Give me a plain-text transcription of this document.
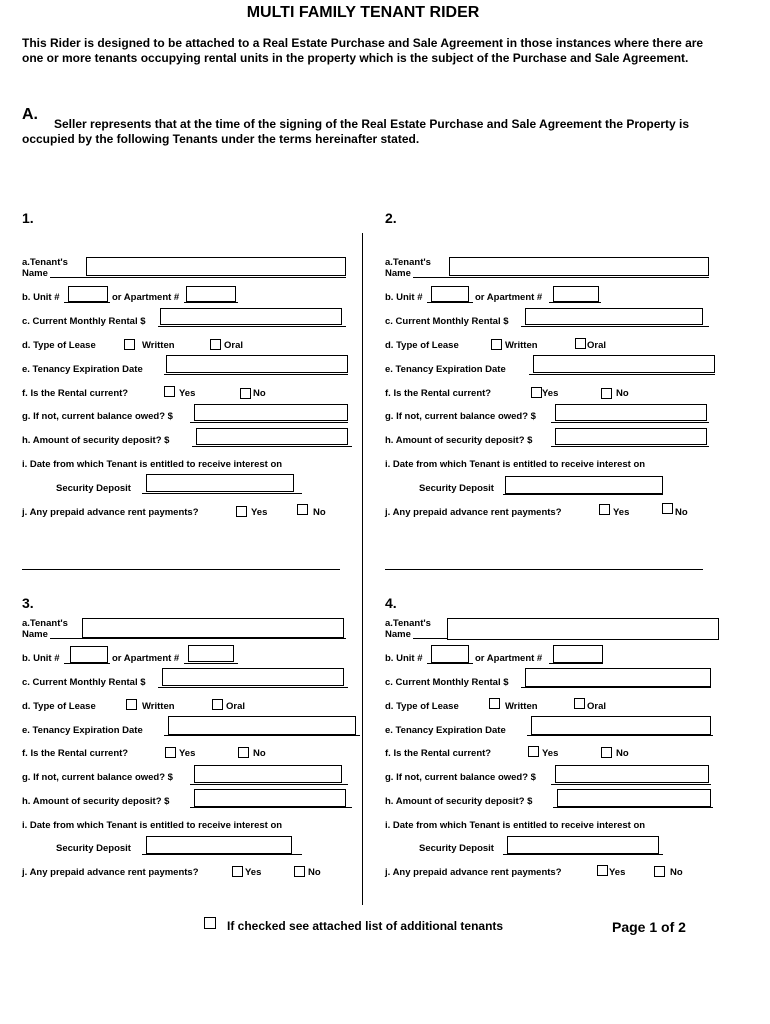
MULTI FAMILY TENANT RIDER
This Rider is designed to be attached to a Real Estate Purchase and Sale Agreement in those instances where there are one or more tenants occupying rental units in the property which is the subject of the Purchase and Sale Agreement.
A.
Seller represents that at the time of the signing of the Real Estate Purchase and Sale Agreement the Property is occupied by the following Tenants under the terms hereinafter stated.
1.
a.Tenant's
Name
b. Unit #	or Apartment #
c. Current Monthly Rental $
d. Type of Lease	Written	Oral
e. Tenancy Expiration Date
f. Is the Rental current?	Yes	No
g. If not, current balance owed? $
h. Amount of security deposit? $
i. Date from which Tenant is entitled to receive interest on
Security Deposit
j. Any prepaid advance rent payments?	Yes	No
2.
a.Tenant's
Name
b. Unit #	or Apartment #
c. Current Monthly Rental $
d. Type of Lease	Written	Oral
e. Tenancy Expiration Date
f. Is the Rental current?	Yes	No
g. If not, current balance owed? $
h. Amount of security deposit? $
i. Date from which Tenant is entitled to receive interest on
Security Deposit
j. Any prepaid advance rent payments?	Yes	No
3.
a.Tenant's
Name
b. Unit #	or Apartment #
c. Current Monthly Rental $
d. Type of Lease	Written	Oral
e. Tenancy Expiration Date
f. Is the Rental current?	Yes	No
g. If not, current balance owed? $
h. Amount of security deposit? $
i. Date from which Tenant is entitled to receive interest on
Security Deposit
j. Any prepaid advance rent payments?	Yes	No
4.
a.Tenant's
Name
b. Unit #	or Apartment #
c. Current Monthly Rental $
d. Type of Lease	Written	Oral
e. Tenancy Expiration Date
f. Is the Rental current?	Yes	No
g. If not, current balance owed? $
h. Amount of security deposit? $
i. Date from which Tenant is entitled to receive interest on
Security Deposit
j. Any prepaid advance rent payments?	Yes	No
If checked see attached list of additional tenants	Page 1 of 2
